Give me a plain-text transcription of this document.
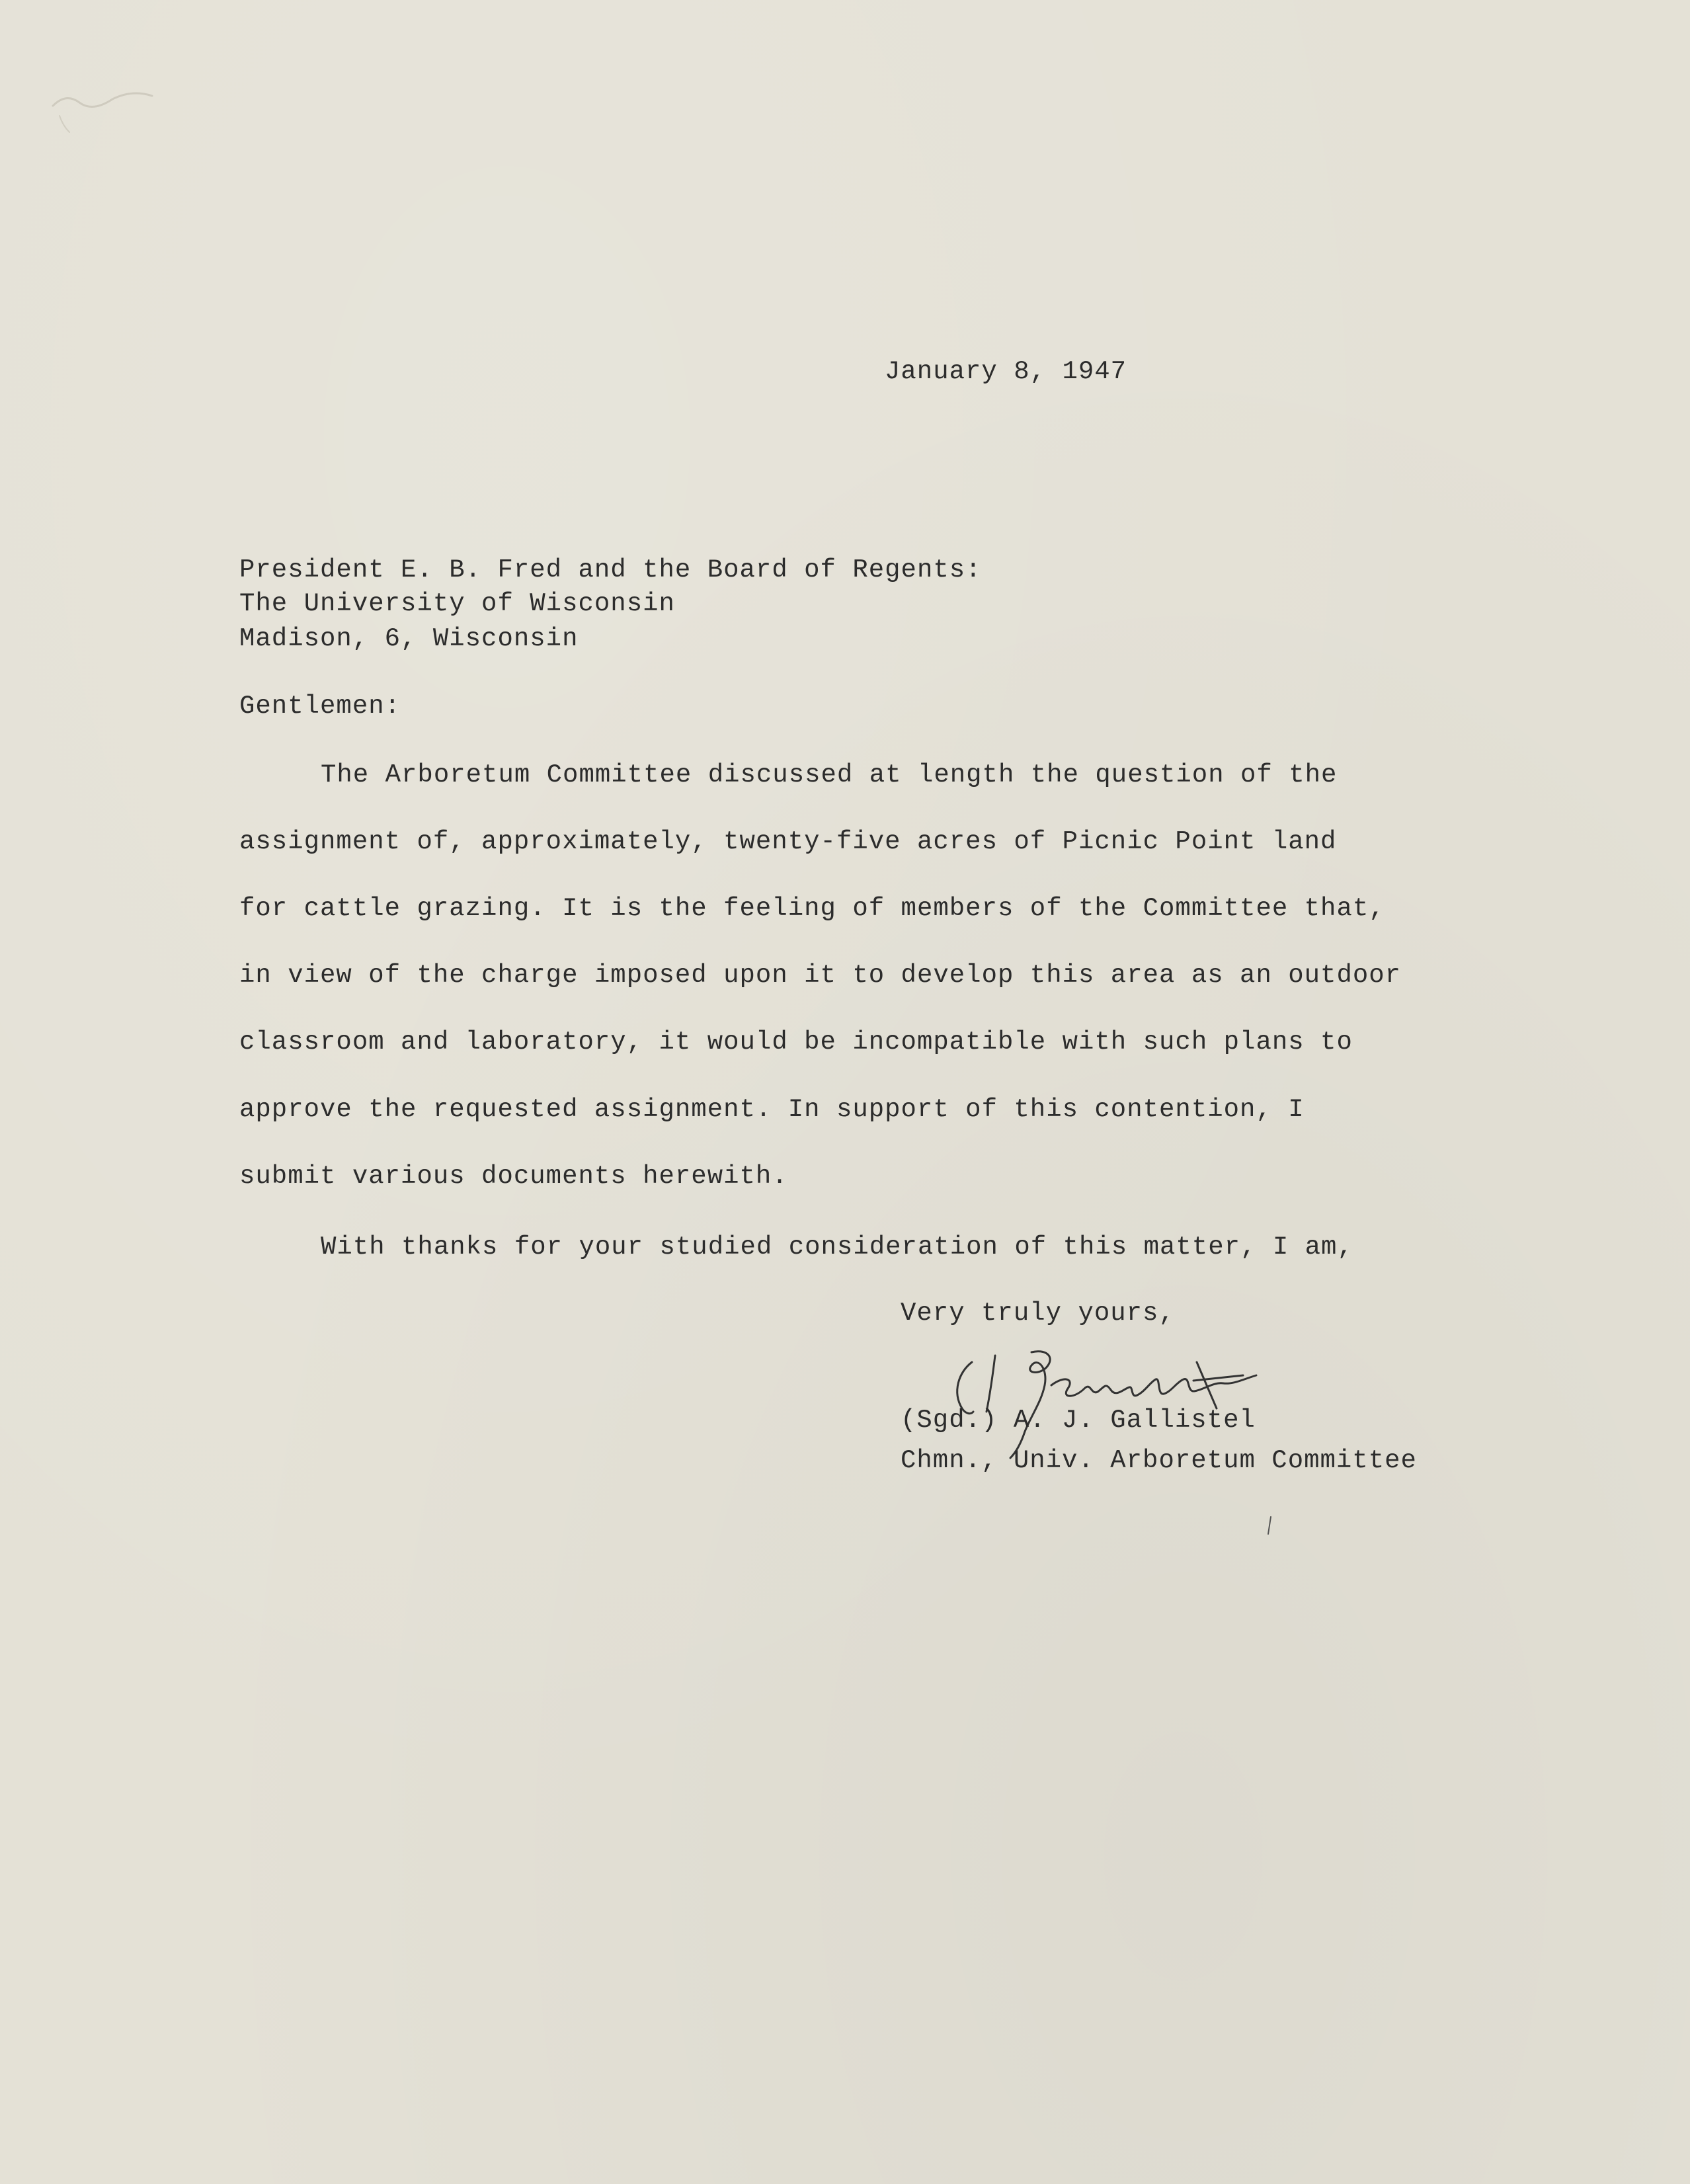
January 8, 1947
President E. B. Fred and the Board of Regents:
The University of Wisconsin
Madison, 6, Wisconsin
Gentlemen:
The Arboretum Committee discussed at length the question of the
assignment of, approximately, twenty-five acres of Picnic Point land
for cattle grazing. It is the feeling of members of the Committee that,
in view of the charge imposed upon it to develop this area as an outdoor
classroom and laboratory, it would be incompatible with such plans to
approve the requested assignment. In support of this contention, I
submit various documents herewith.
With thanks for your studied consideration of this matter, I am,
Very truly yours,
(Sgd.) A. J. Gallistel
Chmn., Univ. Arboretum Committee
